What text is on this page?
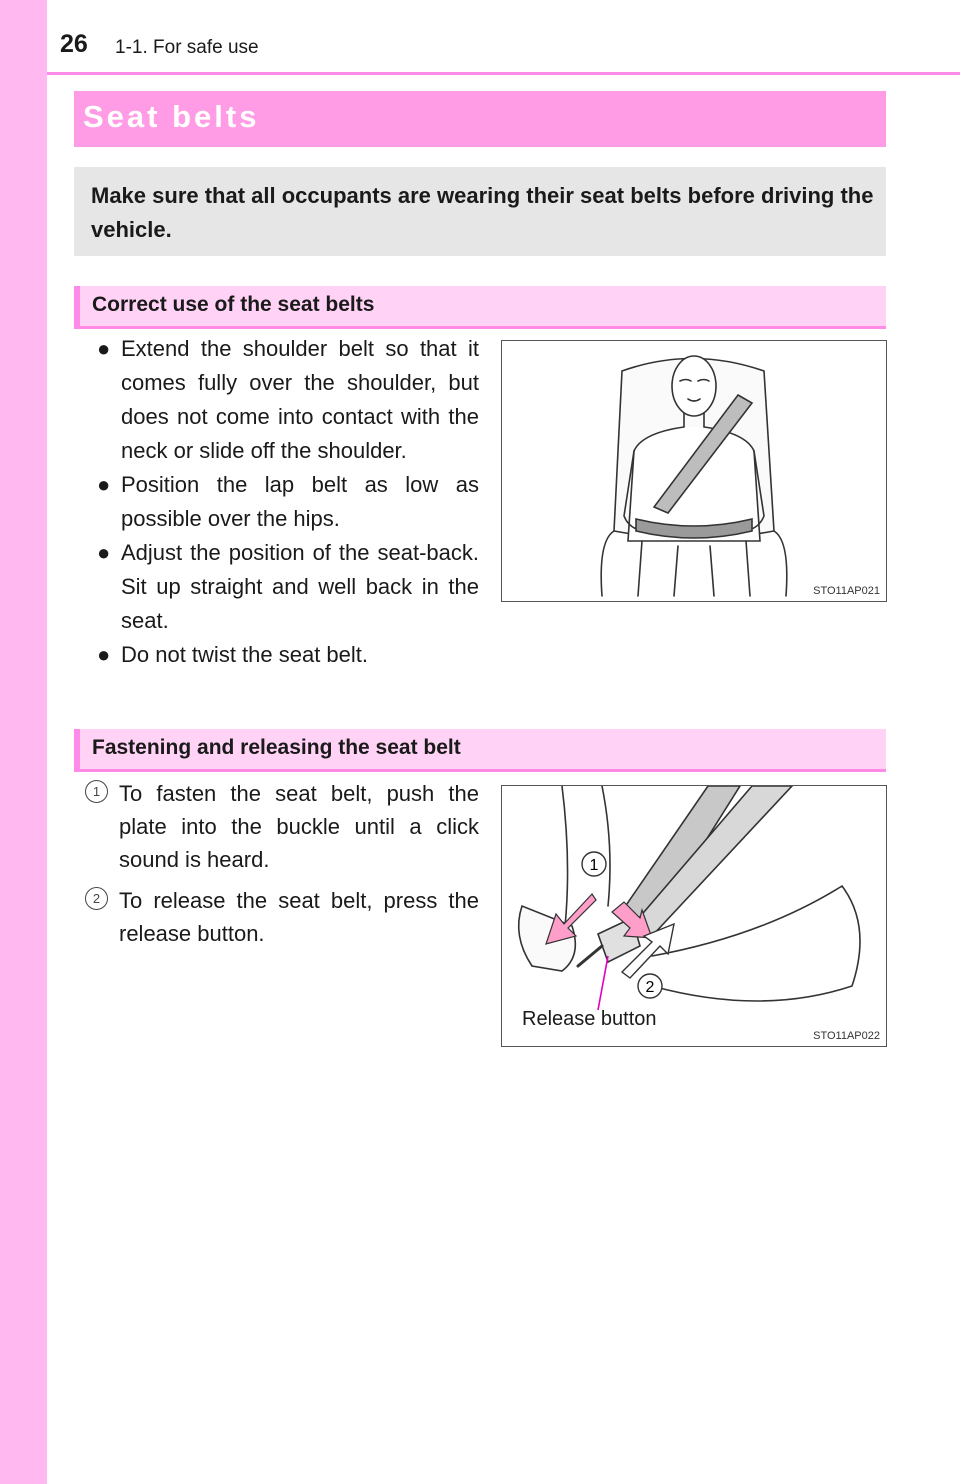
26 1-1. For safe use
Seat belts

Make sure that all occupants are wearing their seat belts before driving the vehicle.

Correct use of the seat belts
● Extend the shoulder belt so that it comes fully over the shoulder, but does not come into contact with the neck or slide off the shoulder.
● Position the lap belt as low as possible over the hips.
● Adjust the position of the seat-back. Sit up straight and well back in the seat.
● Do not twist the seat belt.
STO11AP021
Fastening and releasing the seat belt
1 To fasten the seat belt, push the plate into the buckle until a click sound is heard.
2 To release the seat belt, press the release button.
1
2
Release button
STO11AP022
